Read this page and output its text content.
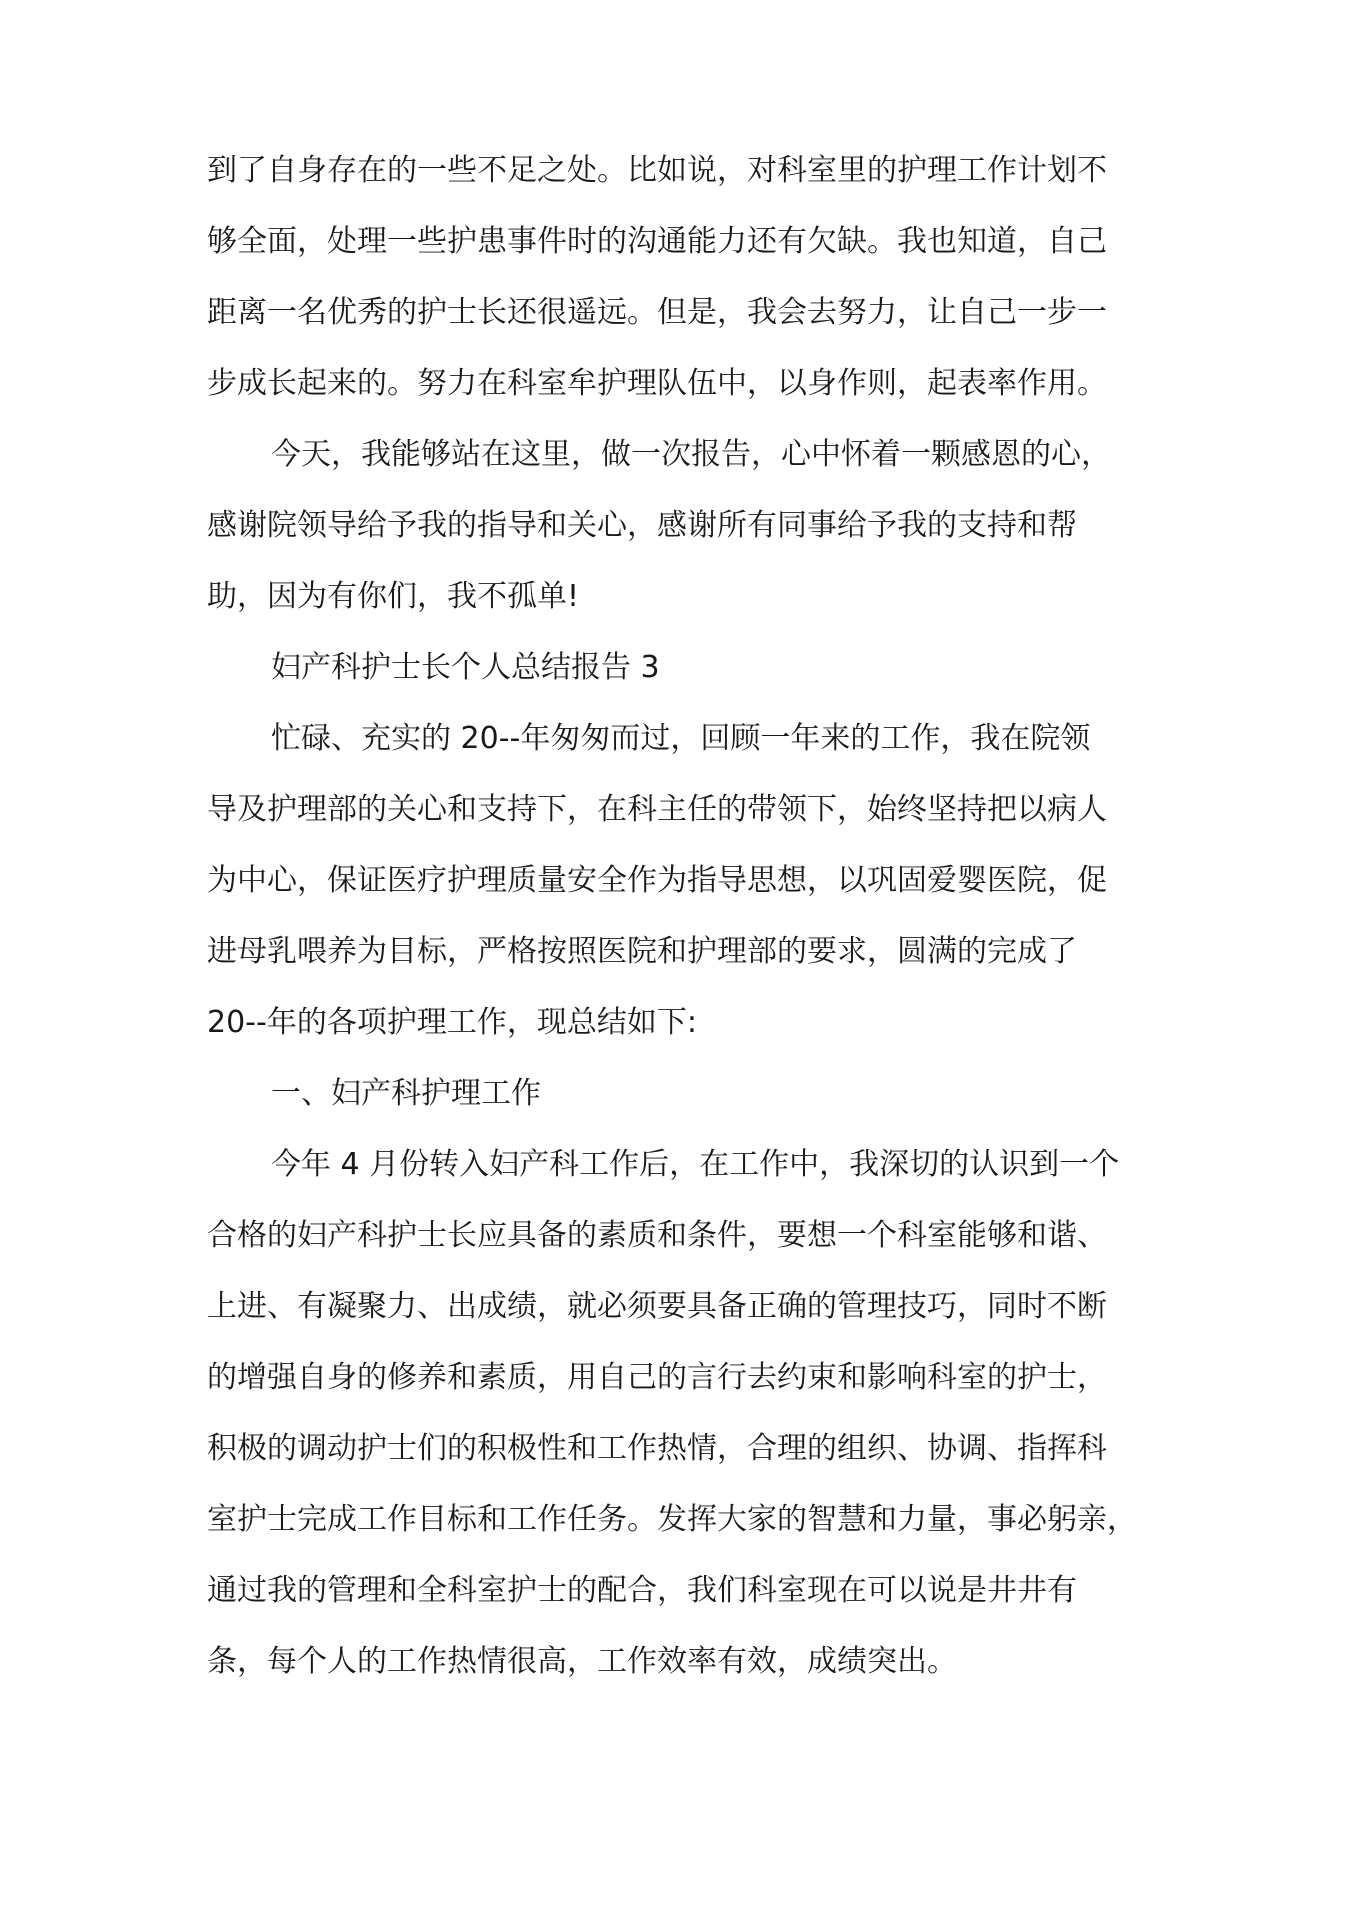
到了自身存在的一些不足之处。比如说，对科室里的护理工作计划不
够全面，处理一些护患事件时的沟通能力还有欠缺。我也知道，自己
距离一名优秀的护士长还很遥远。但是，我会去努力，让自己一步一
步成长起来的。努力在科室牟护理队伍中，以身作则，起表率作用。

今天，我能够站在这里，做一次报告，心中怀着一颗感恩的心，
感谢院领导给予我的指导和关心，感谢所有同事给予我的支持和帮
助，因为有你们，我不孤单!

妇产科护士长个人总结报告 3

忙碌、充实的 20--年匆匆而过，回顾一年来的工作，我在院领
导及护理部的关心和支持下，在科主任的带领下，始终坚持把以病人
为中心，保证医疗护理质量安全作为指导思想，以巩固爱婴医院，促
进母乳喂养为目标，严格按照医院和护理部的要求，圆满的完成了
20--年的各项护理工作，现总结如下:

一、妇产科护理工作

今年 4 月份转入妇产科工作后，在工作中，我深切的认识到一个
合格的妇产科护士长应具备的素质和条件，要想一个科室能够和谐、
上进、有凝聚力、出成绩，就必须要具备正确的管理技巧，同时不断
的增强自身的修养和素质，用自己的言行去约束和影响科室的护士，
积极的调动护士们的积极性和工作热情，合理的组织、协调、指挥科
室护士完成工作目标和工作任务。发挥大家的智慧和力量，事必躬亲，
通过我的管理和全科室护士的配合，我们科室现在可以说是井井有
条，每个人的工作热情很高，工作效率有效，成绩突出。
